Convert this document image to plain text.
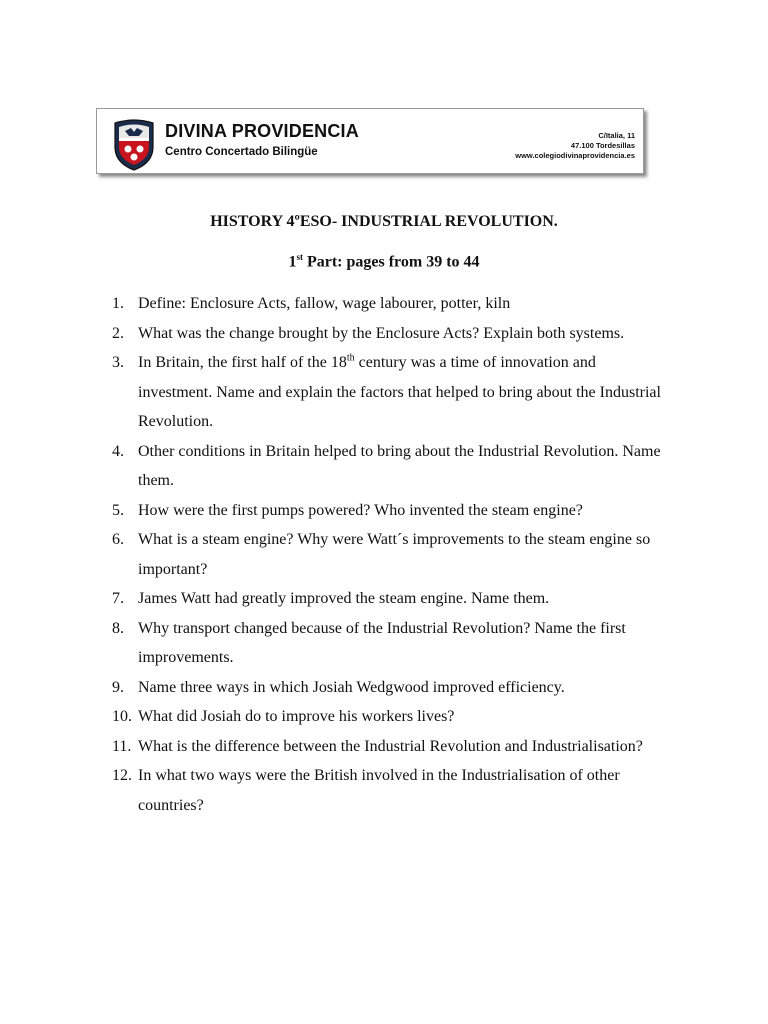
DIVINA PROVIDENCIA
Centro Concertado Bilingüe
C/Italia, 11
47.100 Tordesillas
www.colegiodivinaprovidencia.es
HISTORY 4ºESO- INDUSTRIAL REVOLUTION.
1st Part: pages from 39 to 44
1. Define: Enclosure Acts, fallow, wage labourer, potter, kiln
2. What was the change brought by the Enclosure Acts? Explain both systems.
3. In Britain, the first half of the 18th century was a time of innovation and investment. Name and explain the factors that helped to bring about the Industrial Revolution.
4. Other conditions in Britain helped to bring about the Industrial Revolution. Name them.
5. How were the first pumps powered? Who invented the steam engine?
6. What is a steam engine? Why were Watt´s improvements to the steam engine so important?
7. James Watt had greatly improved the steam engine. Name them.
8. Why transport changed because of the Industrial Revolution? Name the first improvements.
9. Name three ways in which Josiah Wedgwood improved efficiency.
10. What did Josiah do to improve his workers lives?
11. What is the difference between the Industrial Revolution and Industrialisation?
12. In what two ways were the British involved in the Industrialisation of other countries?
